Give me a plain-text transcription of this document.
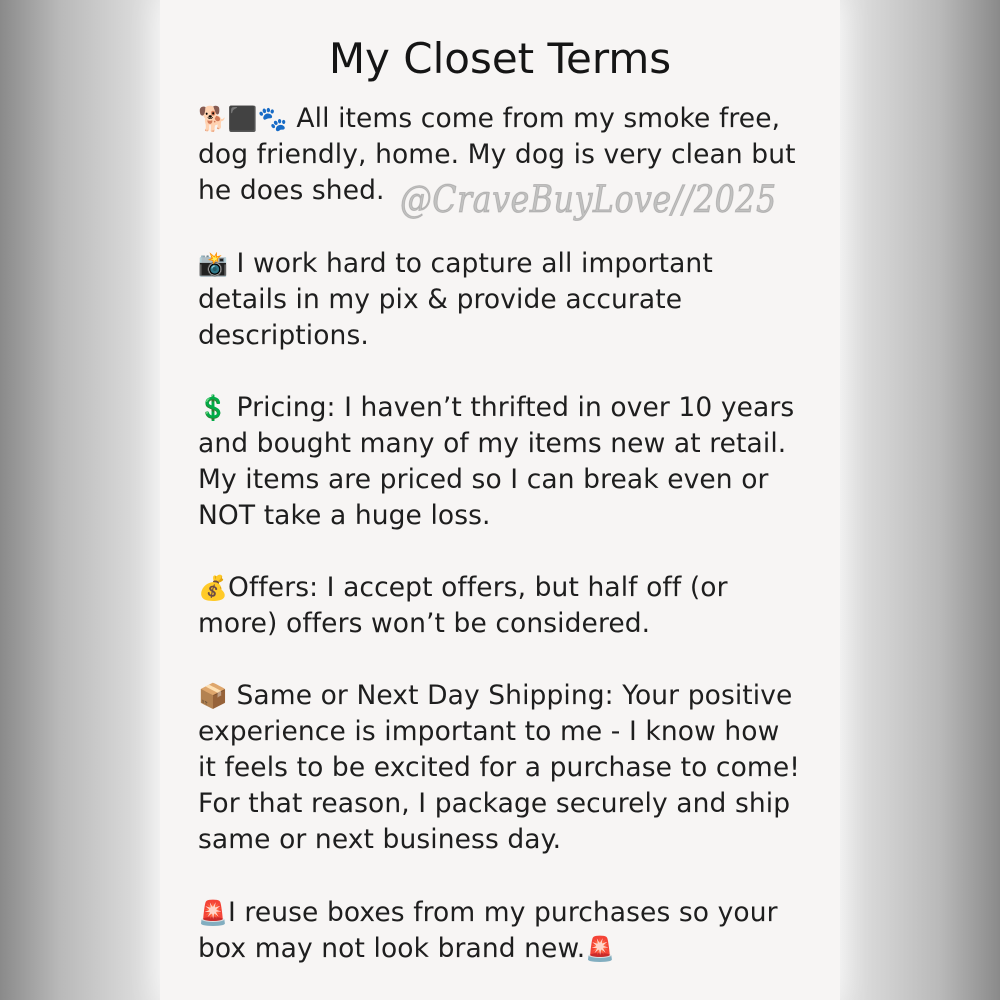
My Closet Terms
@CraveBuyLove//2025
🐕‍⬛🐾 All items come from my smoke free,
dog friendly, home. My dog is very clean but
he does shed.
📸 I work hard to capture all important
details in my pix & provide accurate
descriptions.
💲 Pricing: I haven’t thrifted in over 10 years
and bought many of my items new at retail.
My items are priced so I can break even or
NOT take a huge loss.
💰Offers: I accept offers, but half off (or
more) offers won’t be considered.
📦 Same or Next Day Shipping: Your positive
experience is important to me - I know how
it feels to be excited for a purchase to come!
For that reason, I package securely and ship
same or next business day.
🚨I reuse boxes from my purchases so your
box may not look brand new.🚨
